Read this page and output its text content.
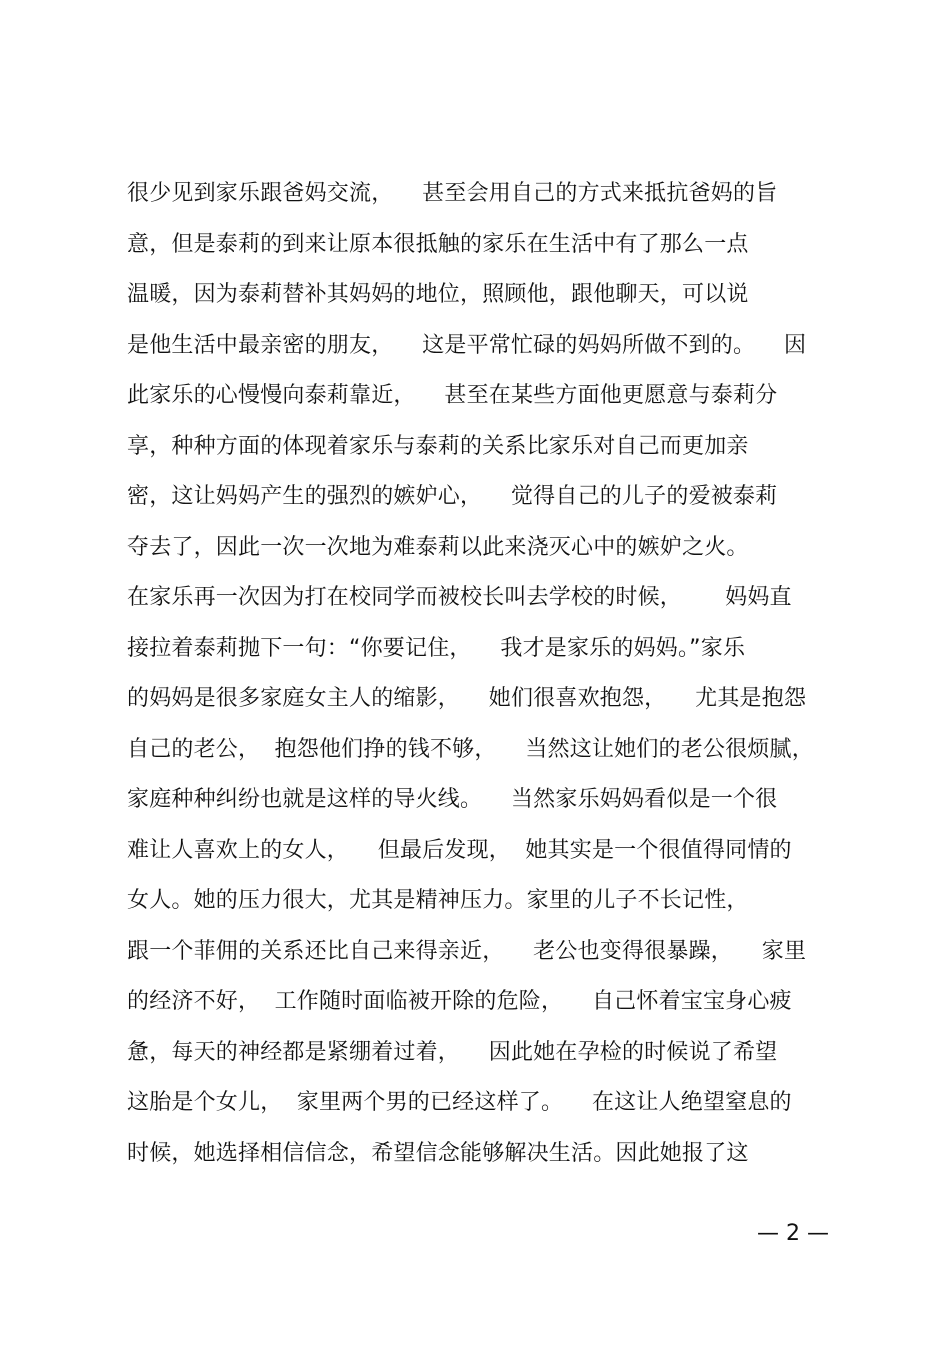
很少见到家乐跟爸妈交流，    甚至会用自己的方式来抵抗爸妈的旨
意，但是泰莉的到来让原本很抵触的家乐在生活中有了那么一点
温暖，因为泰莉替补其妈妈的地位，照顾他，跟他聊天，可以说
是他生活中最亲密的朋友，    这是平常忙碌的妈妈所做不到的。    因
此家乐的心慢慢向泰莉靠近，    甚至在某些方面他更愿意与泰莉分
享，种种方面的体现着家乐与泰莉的关系比家乐对自己而更加亲
密，这让妈妈产生的强烈的嫉妒心，    觉得自己的儿子的爱被泰莉
夺去了，因此一次一次地为难泰莉以此来浇灭心中的嫉妒之火。
在家乐再一次因为打在校同学而被校长叫去学校的时候，      妈妈直
接拉着泰莉抛下一句：“你要记住，    我才是家乐的妈妈。”家乐
的妈妈是很多家庭女主人的缩影，    她们很喜欢抱怨，    尤其是抱怨
自己的老公，  抱怨他们挣的钱不够，    当然这让她们的老公很烦腻，
家庭种种纠纷也就是这样的导火线。    当然家乐妈妈看似是一个很
难让人喜欢上的女人，    但最后发现，  她其实是一个很值得同情的
女人。她的压力很大，尤其是精神压力。家里的儿子不长记性，
跟一个菲佣的关系还比自己来得亲近，    老公也变得很暴躁，    家里
的经济不好，  工作随时面临被开除的危险，    自己怀着宝宝身心疲
惫，每天的神经都是紧绷着过着，    因此她在孕检的时候说了希望
这胎是个女儿，  家里两个男的已经这样了。    在这让人绝望窒息的
时候，她选择相信信念，希望信念能够解决生活。因此她报了这
— 2 —
